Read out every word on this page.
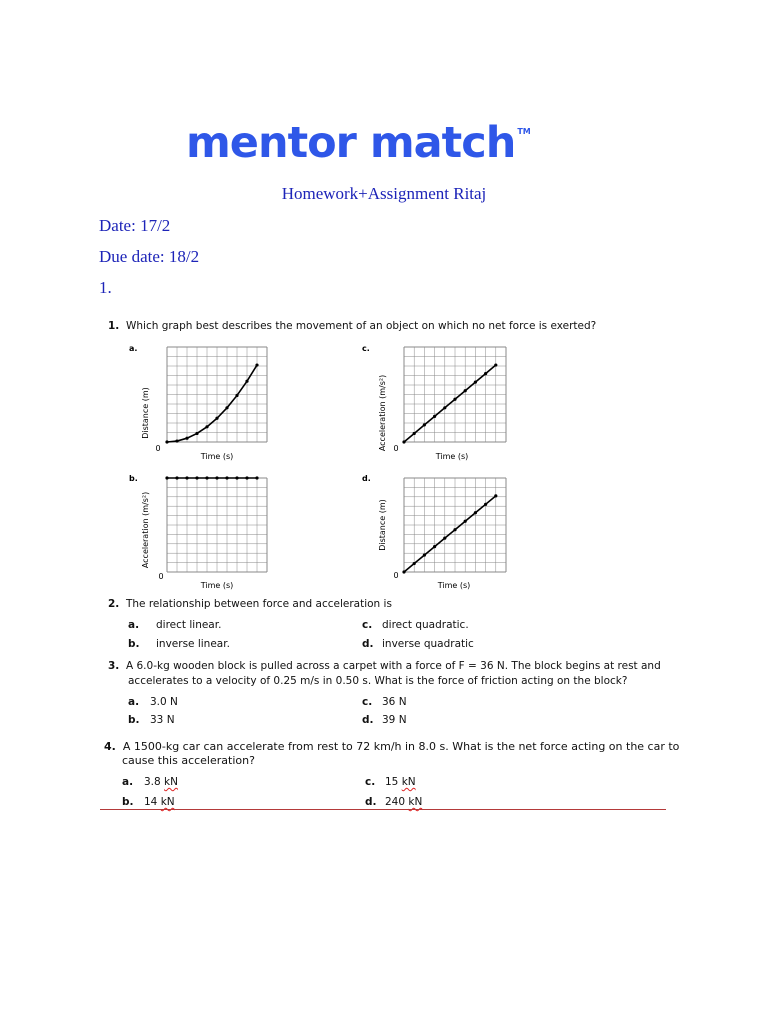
mentor match ™
Homework+Assignment Ritaj
Date: 17/2
Due date: 18/2
1.
1. Which graph best describes the movement of an object on which no net force is exerted?
a.
Distance (m)
0
Time (s)
c.
Acceleration (m/s²) 0
Time (s)
b.
Acceleration (m/s²)
0
Time (s)
d.
Distance (m)
0
Time (s)
2. The relationship between force and acceleration is
a. direct linear.	c. direct quadratic.
b. inverse linear.	d. inverse quadratic
3. A 6.0-kg wooden block is pulled across a carpet with a force of F = 36 N. The block begins at rest and
accelerates to a velocity of 0.25 m/s in 0.50 s. What is the force of friction acting on the block?
a. 3.0 N	c. 36 N
b. 33 N	d. 39 N
4. A 1500-kg car can accelerate from rest to 72 km/h in 8.0 s. What is the net force acting on the car to
cause this acceleration?
a. 3.8 kN	c. 15 kN
b. 14 kN	d. 240 kN
